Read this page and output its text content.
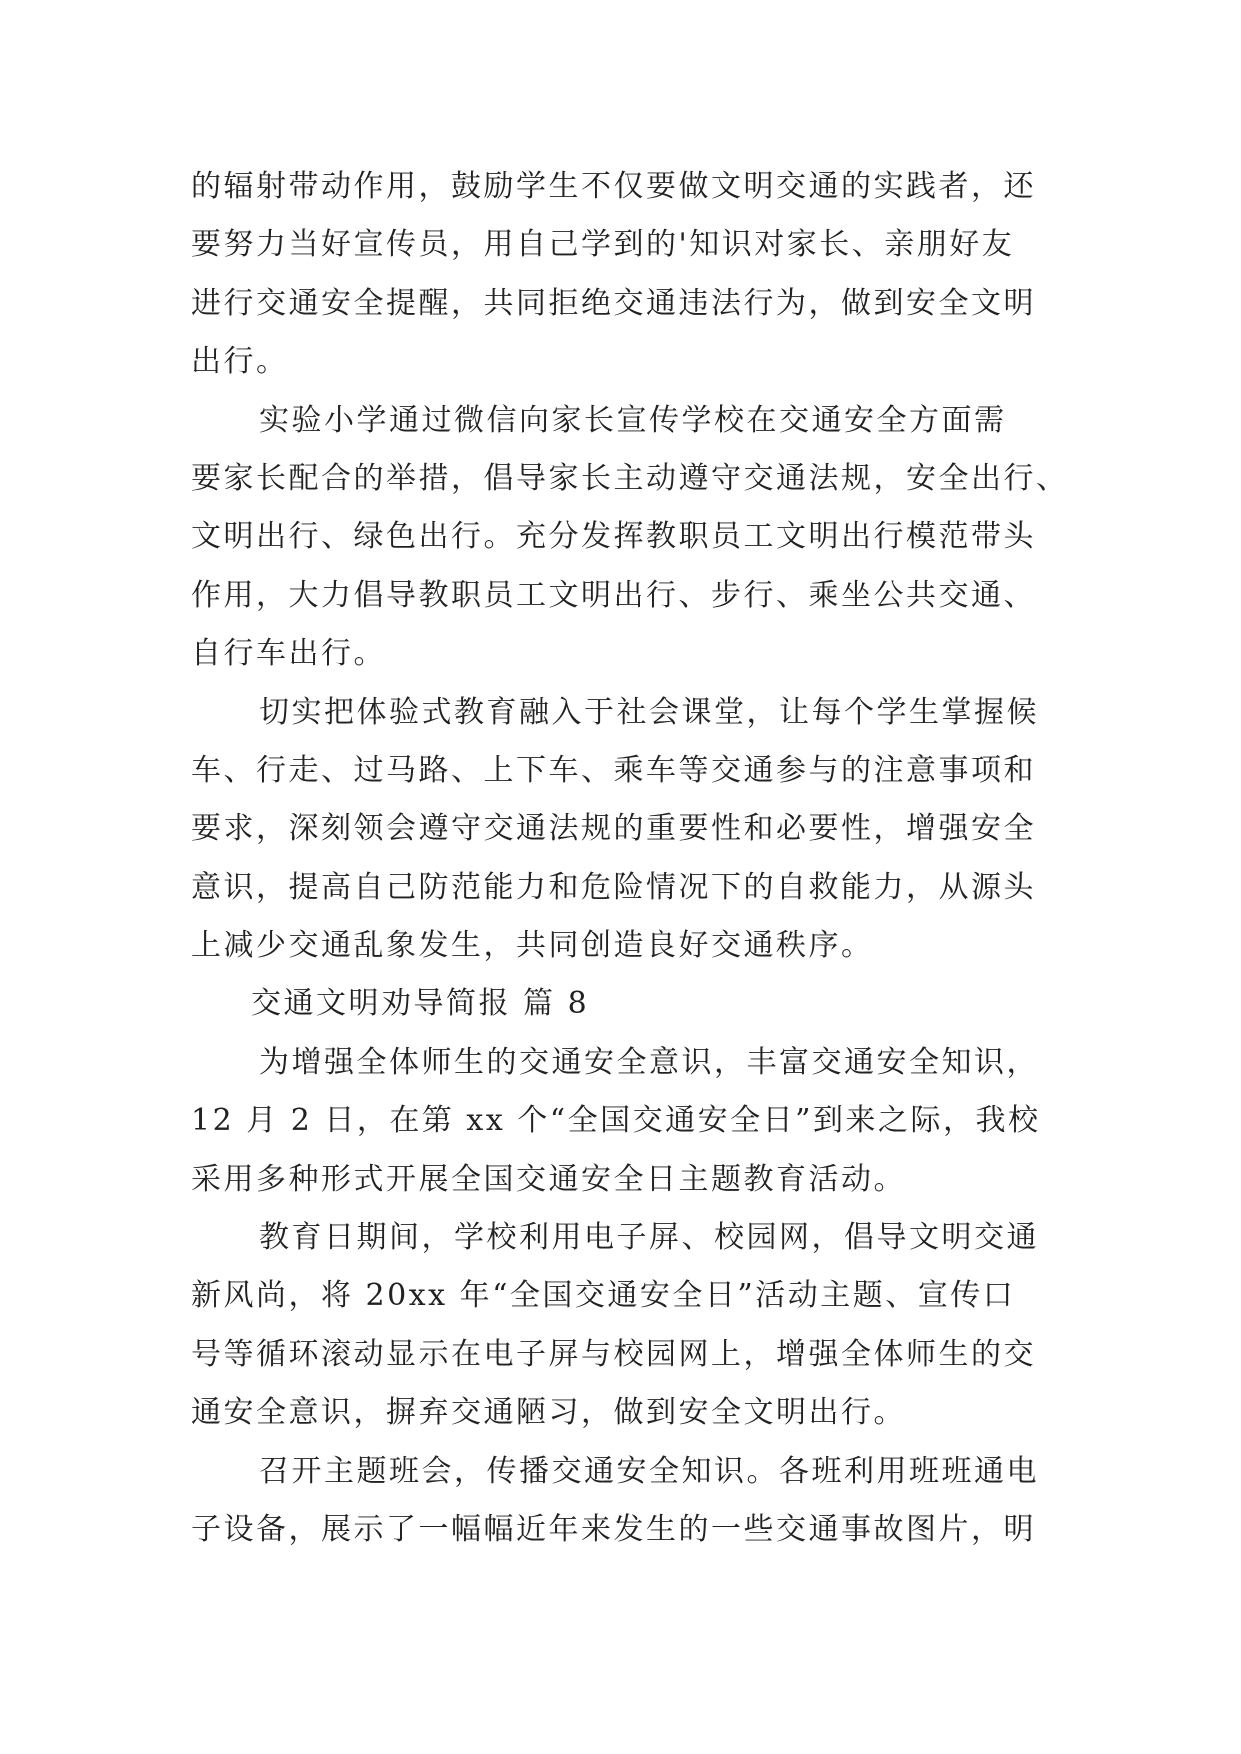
的辐射带动作用，鼓励学生不仅要做文明交通的实践者，还
要努力当好宣传员，用自己学到的'知识对家长、亲朋好友
进行交通安全提醒，共同拒绝交通违法行为，做到安全文明
出行。
实验小学通过微信向家长宣传学校在交通安全方面需
要家长配合的举措，倡导家长主动遵守交通法规，安全出行、
文明出行、绿色出行。充分发挥教职员工文明出行模范带头
作用，大力倡导教职员工文明出行、步行、乘坐公共交通、
自行车出行。
切实把体验式教育融入于社会课堂，让每个学生掌握候
车、行走、过马路、上下车、乘车等交通参与的注意事项和
要求，深刻领会遵守交通法规的重要性和必要性，增强安全
意识，提高自己防范能力和危险情况下的自救能力，从源头
上减少交通乱象发生，共同创造良好交通秩序。
交通文明劝导简报 篇 8
为增强全体师生的交通安全意识，丰富交通安全知识，
12 月 2 日，在第 xx 个“全国交通安全日”到来之际，我校
采用多种形式开展全国交通安全日主题教育活动。
教育日期间，学校利用电子屏、校园网，倡导文明交通
新风尚，将 20xx 年“全国交通安全日”活动主题、宣传口
号等循环滚动显示在电子屏与校园网上，增强全体师生的交
通安全意识，摒弃交通陋习，做到安全文明出行。
召开主题班会，传播交通安全知识。各班利用班班通电
子设备，展示了一幅幅近年来发生的一些交通事故图片，明
